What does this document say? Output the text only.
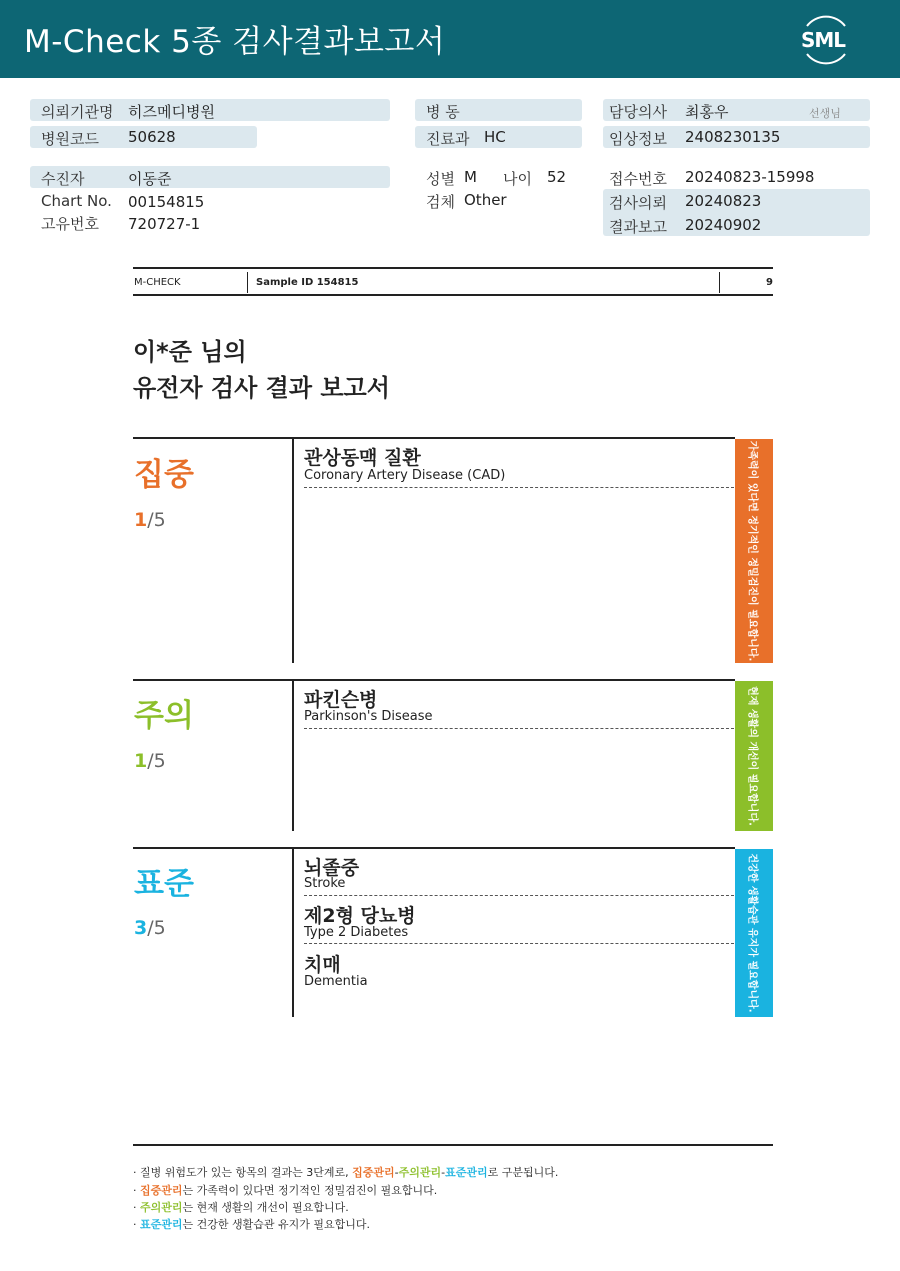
M-Check 5종 검사결과보고서	SML
의뢰기관명 히즈메디병원
병원코드 50628
수진자	이동준
Chart No. 00154815
고유번호 720727-1
병 동
진료과 HC
성별 M 나이 52
검체 Other
담당의사 최홍우	선생님
임상정보 2408230135
접수번호 20240823-15998
검사의뢰 20240823
결과보고 20240902
M-CHECK	Sample ID 154815	9
이*준 님의
유전자 검사 결과 보고서
집중
1/5
관상동맥 질환
Coronary Artery Disease (CAD)	가족력이 있다면 정기적인 정밀검진이 필요합니다.
주의
1/5
파킨슨병
Parkinson's Disease	현재 생활의 개선이 필요합니다.
표준
3/5
뇌졸중
Stroke
제2형 당뇨병
Type 2 Diabetes
치매
Dementia	건강한 생활습관 유지가 필요합니다.
· 질병 위험도가 있는 항목의 결과는 3단계로, 집중관리-주의관리-표준관리로 구분됩니다.
· 집중관리는 가족력이 있다면 정기적인 정밀검진이 필요합니다.
· 주의관리는 현재 생활의 개선이 필요합니다.
· 표준관리는 건강한 생활습관 유지가 필요합니다.
